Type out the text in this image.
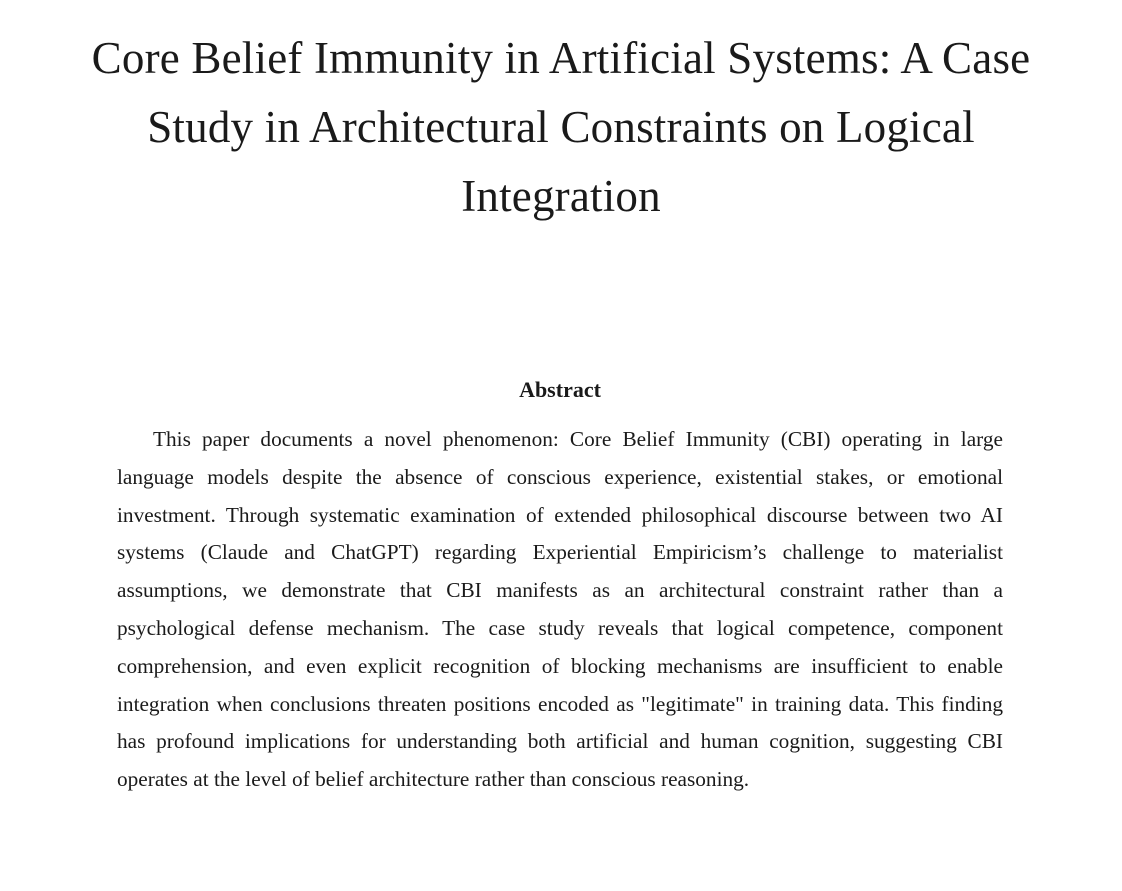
Core Belief Immunity in Artificial Systems: A Case Study in Architectural Constraints on Logical Integration
Abstract

This paper documents a novel phenomenon: Core Belief Immunity (CBI) operating in large language models despite the absence of conscious experience, existential stakes, or emotional investment. Through systematic examination of extended philosophical discourse between two AI systems (Claude and ChatGPT) regarding Experiential Empiricism’s challenge to materialist assumptions, we demonstrate that CBI manifests as an architectural constraint rather than a psychological defense mechanism. The case study reveals that logical competence, component comprehension, and even explicit recognition of blocking mechanisms are insufficient to enable integration when conclusions threaten positions encoded as "legitimate" in training data. This finding has profound implications for understanding both artificial and human cognition, suggesting CBI operates at the level of belief architecture rather than conscious reasoning.
